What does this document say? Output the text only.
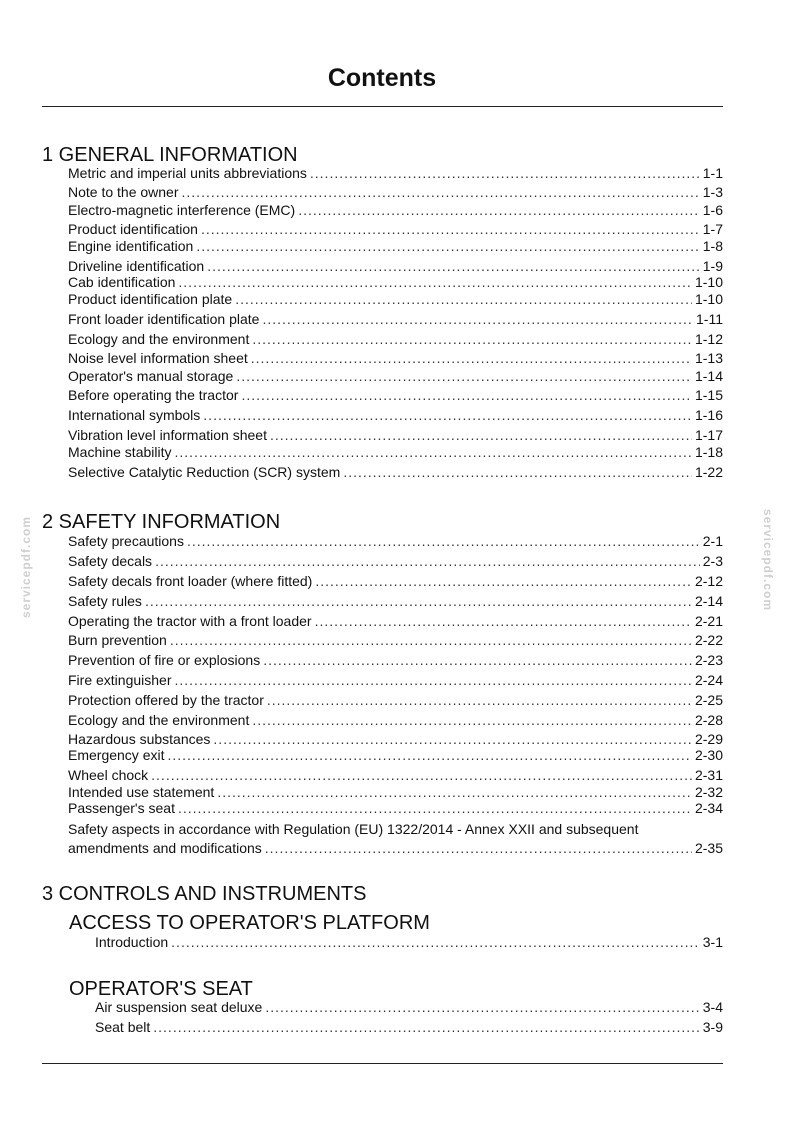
Contents
servicepdf.com	servicepdf.com
1 GENERAL INFORMATION
Metric and imperial units abbreviations .....	1-1
Note to the owner .....	1-3
Electro-magnetic interference (EMC) .....	1-6
Product identification .....	1-7
Engine identification .....	1-8
Driveline identification .....	1-9
Cab identification .....	1-10
Product identification plate .....	1-10
Front loader identification plate .....	1-11
Ecology and the environment .....	1-12
Noise level information sheet .....	1-13
Operator's manual storage .....	1-14
Before operating the tractor .....	1-15
International symbols .....	1-16
Vibration level information sheet .....	1-17
Machine stability .....	1-18
Selective Catalytic Reduction (SCR) system .....	1-22
2 SAFETY INFORMATION
Safety precautions .....	2-1
Safety decals .....	2-3
Safety decals front loader (where fitted) .....	2-12
Safety rules .....	2-14
Operating the tractor with a front loader .....	2-21
Burn prevention .....	2-22
Prevention of fire or explosions .....	2-23
Fire extinguisher .....	2-24
Protection offered by the tractor .....	2-25
Ecology and the environment .....	2-28
Hazardous substances .....	2-29
Emergency exit .....	2-30
Wheel chock .....	2-31
Intended use statement .....	2-32
Passenger's seat .....	2-34
Safety aspects in accordance with Regulation (EU) 1322/2014 - Annex XXII and subsequent
amendments and modifications .....	2-35
3 CONTROLS AND INSTRUMENTS
ACCESS TO OPERATOR'S PLATFORM
Introduction .....	3-1
OPERATOR'S SEAT
Air suspension seat deluxe .....	3-4
Seat belt .....	3-9
